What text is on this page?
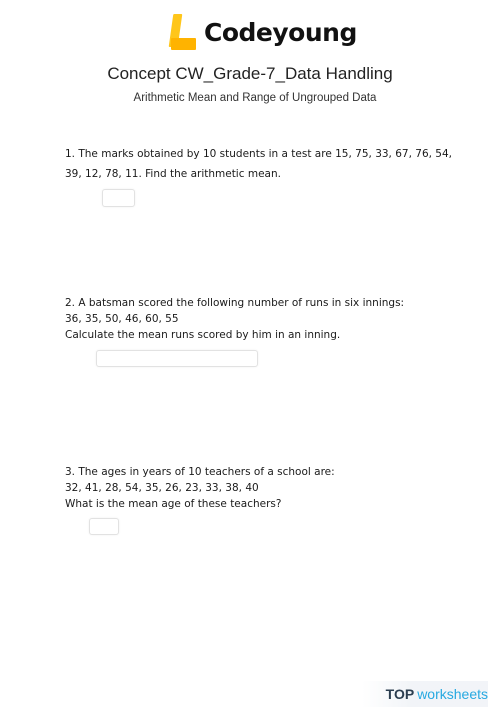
Codeyoung
Concept CW_Grade-7_Data Handling
Arithmetic Mean and Range of Ungrouped Data
1. The marks obtained by 10 students in a test are 15, 75, 33, 67, 76, 54,
39, 12, 78, 11. Find the arithmetic mean.
2. A batsman scored the following number of runs in six innings:
36, 35, 50, 46, 60, 55
Calculate the mean runs scored by him in an inning.
3. The ages in years of 10 teachers of a school are:
32, 41, 28, 54, 35, 26, 23, 33, 38, 40
What is the mean age of these teachers?
TOP worksheets
